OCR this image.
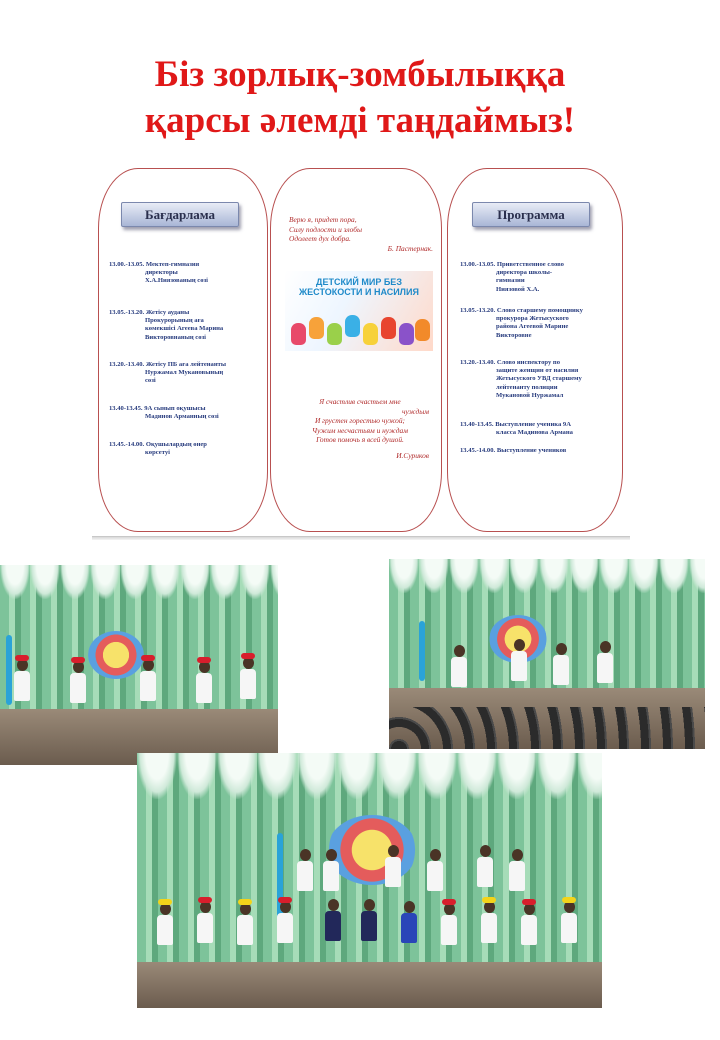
Біз зорлық-зомбылыққа
қарсы әлемді таңдаймыз!
Бағдарлама
13.00.-13.05. Мектеп-гимназия
директоры
Х.А.Ниязованың сөзі
13.05.-13.20. Жетісу ауданы
Прокурорының аға
көмекшісі Агеева Марина
Викторовнаның сөзі
13.20.-13.40. Жетісу ПБ аға лейтенанты
Нуржамал Мукановының
сөзі
13.40-13.45. 9А сынып оқушысы
Мадинов Арманның сөзі
13.45.-14.00. Оқушылардың өнер
көрсетуі
Верю я, придет пора,
Силу подлости и злобы
Одолеет дух добра.
Б. Пастернак.
ДЕТСКИЙ МИР БЕЗ
ЖЕСТОКОСТИ И НАСИЛИЯ
Я счастлив счастьем мне
чуждым
И грустен горестью чужой;
Чужим несчастьям и нуждам
Готов помочь я всей душой.
И.Суриков
Программа
13.00.-13.05. Приветственное слово
директора школы-
гимназии
Ниязовой Х.А.
13.05.-13.20. Слово старшему помощнику
прокурора Жетысуского
района Агеевой Марине
Викторовне
13.20.-13.40. Слово инспектору по
защите женщин от насилия
Жетысуского УВД старшему
лейтенанту полиции
Мукановой Нуржамал
13.40-13.45. Выступление ученика 9А
класса Мадинова Армана
13.45.-14.00. Выступление учеников
